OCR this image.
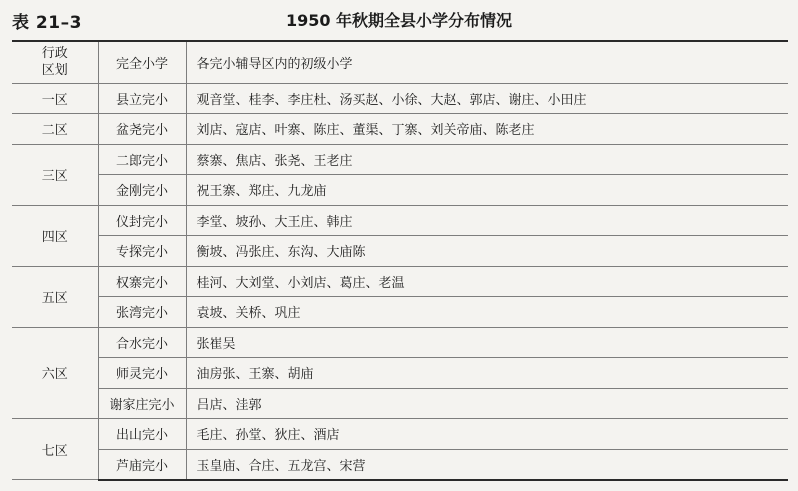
表 21–3	1950 年秋期全县小学分布情况
行政
区划	完全小学	各完小辅导区内的初级小学
一区	县立完小	观音堂、桂李、李庄杜、汤买赵、小徐、大赵、郭店、谢庄、小田庄
二区	盆尧完小	刘店、寇店、叶寨、陈庄、董渠、丁寨、刘关帝庙、陈老庄
三区	二郎完小	蔡寨、焦店、张尧、王老庄
	金刚完小	祝王寨、郑庄、九龙庙
四区	仪封完小	李堂、坡孙、大王庄、韩庄
	专探完小	衡坡、冯张庄、东沟、大庙陈
五区	权寨完小	桂河、大刘堂、小刘店、葛庄、老温
	张湾完小	袁坡、关桥、巩庄
六区	合水完小	张崔吴
	师灵完小	油房张、王寨、胡庙
	谢家庄完小	吕店、洼郭
七区	出山完小	毛庄、孙堂、狄庄、酒店
	芦庙完小	玉皇庙、合庄、五龙宫、宋营
